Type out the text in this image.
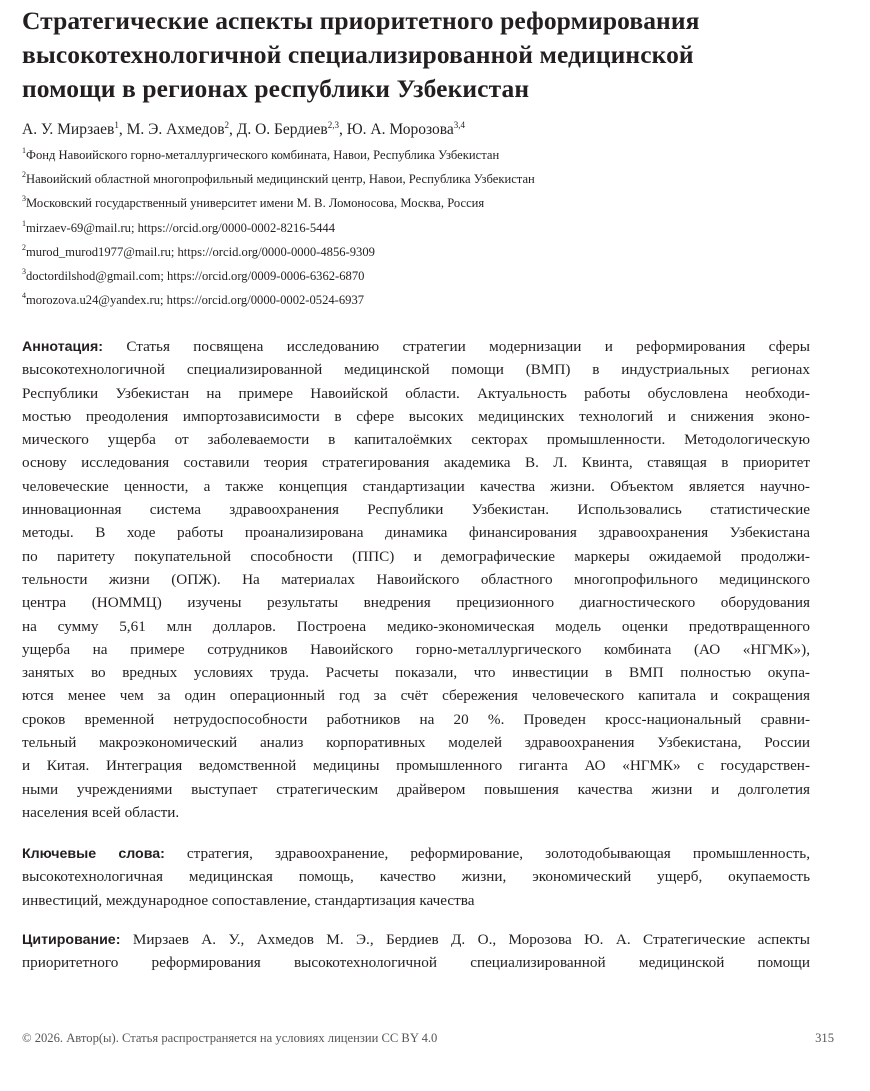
Стратегические аспекты приоритетного реформирования
высокотехнологичной специализированной медицинской
помощи в регионах республики Узбекистан
А. У. Мирзаев$^1$, М. Э. Ахмедов$^2$, Д. О. Бердиев$^{2,3}$, Ю. А. Морозова$^{3,4}$
$^1$Фонд Навоийского горно-металлургического комбината, Навои, Республика Узбекистан
$^2$Навоийский областной многопрофильный медицинский центр, Навои, Республика Узбекистан
$^3$Московский государственный университет имени М. В. Ломоносова, Москва, Россия
$^1$mirzaev-69@mail.ru; https://orcid.org/0000-0002-8216-5444
$^2$murod_murod1977@mail.ru; https://orcid.org/0000-0000-4856-9309
$^3$doctordilshod@gmail.com; https://orcid.org/0009-0006-6362-6870
$^4$morozova.u24@yandex.ru; https://orcid.org/0000-0002-0524-6937
Аннотация: Статья посвящена исследованию стратегии модернизации и реформирования сферы
высокотехнологичной специализированной медицинской помощи (ВМП) в индустриальных регионах
Республики Узбекистан на примере Навоийской области. Актуальность работы обусловлена необходи-
мостью преодоления импортозависимости в сфере высоких медицинских технологий и снижения эконо-
мического ущерба от заболеваемости в капиталоёмких секторах промышленности. Методологическую
основу исследования составили теория стратегирования академика В. Л. Квинта, ставящая в приоритет
человеческие ценности, а также концепция стандартизации качества жизни. Объектом является научно-
инновационная система здравоохранения Республики Узбекистан. Использовались статистические
методы. В ходе работы проанализирована динамика финансирования здравоохранения Узбекистана
по паритету покупательной способности (ППС) и демографические маркеры ожидаемой продолжи-
тельности жизни (ОПЖ). На материалах Навоийского областного многопрофильного медицинского
центра (НОММЦ) изучены результаты внедрения прецизионного диагностического оборудования
на сумму 5,61 млн долларов. Построена медико-экономическая модель оценки предотвращенного
ущерба на примере сотрудников Навоийского горно-металлургического комбината (АО «НГМК»),
занятых во вредных условиях труда. Расчеты показали, что инвестиции в ВМП полностью окупа-
ются менее чем за один операционный год за счёт сбережения человеческого капитала и сокращения
сроков временной нетрудоспособности работников на 20 %. Проведен кросс-национальный сравни-
тельный макроэкономический анализ корпоративных моделей здравоохранения Узбекистана, России
и Китая. Интеграция ведомственной медицины промышленного гиганта АО «НГМК» с государствен-
ными учреждениями выступает стратегическим драйвером повышения качества жизни и долголетия
населения всей области.
Ключевые слова: стратегия, здравоохранение, реформирование, золотодобывающая промышленность,
высокотехнологичная медицинская помощь, качество жизни, экономический ущерб, окупаемость
инвестиций, международное сопоставление, стандартизация качества
Цитирование: Мирзаев А. У., Ахмедов М. Э., Бердиев Д. О., Морозова Ю. А. Стратегические аспекты
приоритетного реформирования высокотехнологичной специализированной медицинской помощи
© 2026. Автор(ы). Статья распространяется на условиях лицензии CC BY 4.0	315
